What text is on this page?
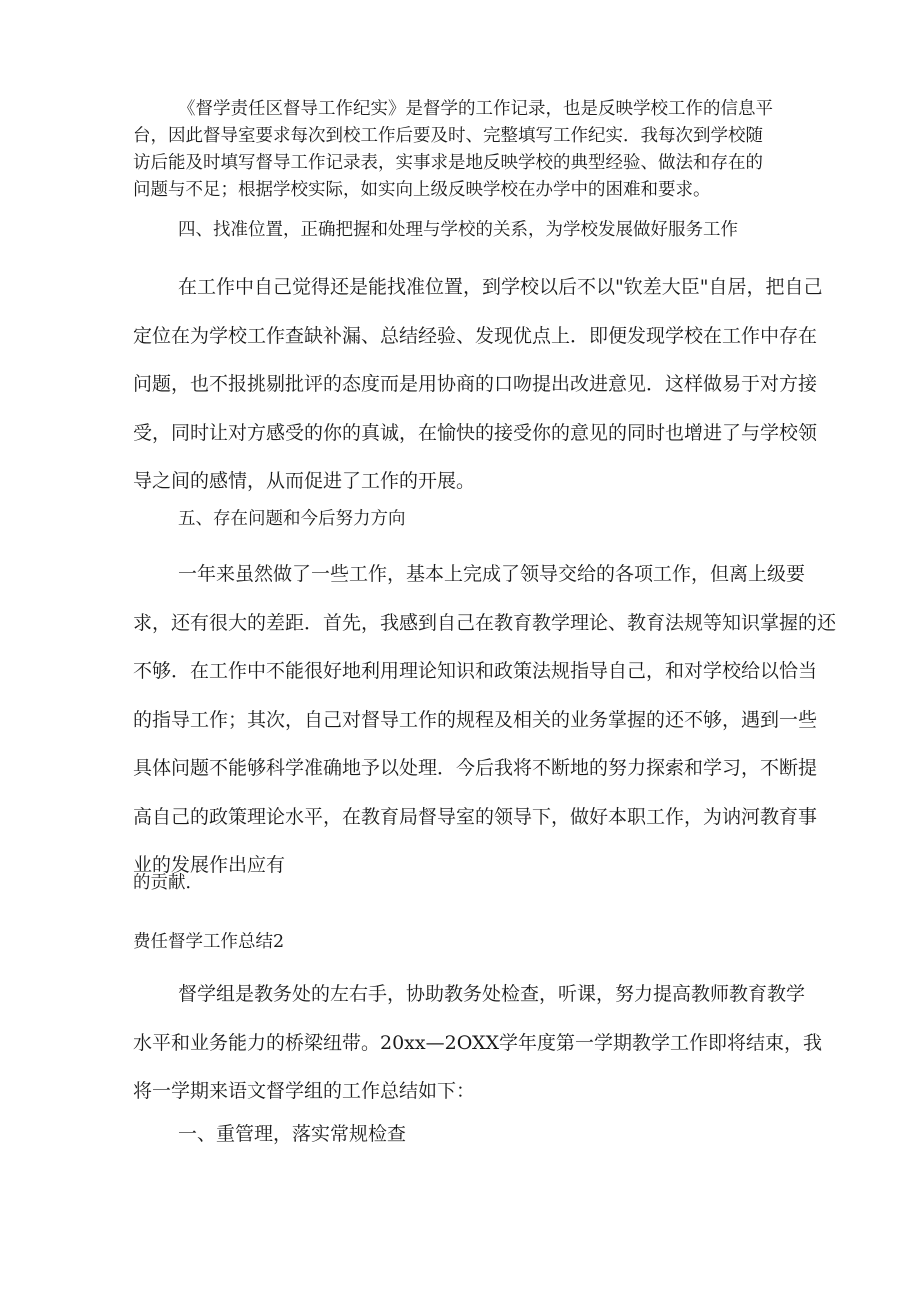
《督学责任区督导工作纪实》是督学的工作记录，也是反映学校工作的信息平
台，因此督导室要求每次到校工作后要及时、完整填写工作纪实．我每次到学校随
访后能及时填写督导工作记录表，实事求是地反映学校的典型经验、做法和存在的
问题与不足；根据学校实际，如实向上级反映学校在办学中的困难和要求。
四、找准位置，正确把握和处理与学校的关系，为学校发展做好服务工作
在工作中自己觉得还是能找准位置，到学校以后不以"钦差大臣"自居，把自己
定位在为学校工作查缺补漏、总结经验、发现优点上．即便发现学校在工作中存在
问题，也不报挑剔批评的态度而是用协商的口吻提出改进意见．这样做易于对方接
受，同时让对方感受的你的真诚，在愉快的接受你的意见的同时也增进了与学校领
导之间的感情，从而促进了工作的开展。
五、存在问题和今后努力方向
一年来虽然做了一些工作，基本上完成了领导交给的各项工作，但离上级要
求，还有很大的差距．首先，我感到自己在教育教学理论、教育法规等知识掌握的还
不够．在工作中不能很好地利用理论知识和政策法规指导自己，和对学校给以恰当
的指导工作；其次，自己对督导工作的规程及相关的业务掌握的还不够，遇到一些
具体问题不能够科学准确地予以处理．今后我将不断地的努力探索和学习，不断提
高自己的政策理论水平，在教育局督导室的领导下，做好本职工作，为讷河教育事
业的发展作出应有
的贡献．
费任督学工作总结2
督学组是教务处的左右手，协助教务处检查，听课，努力提高教师教育教学
水平和业务能力的桥梁纽带。20xx—2OXX学年度第一学期教学工作即将结束，我
将一学期来语文督学组的工作总结如下：
一、重管理，落实常规检查
